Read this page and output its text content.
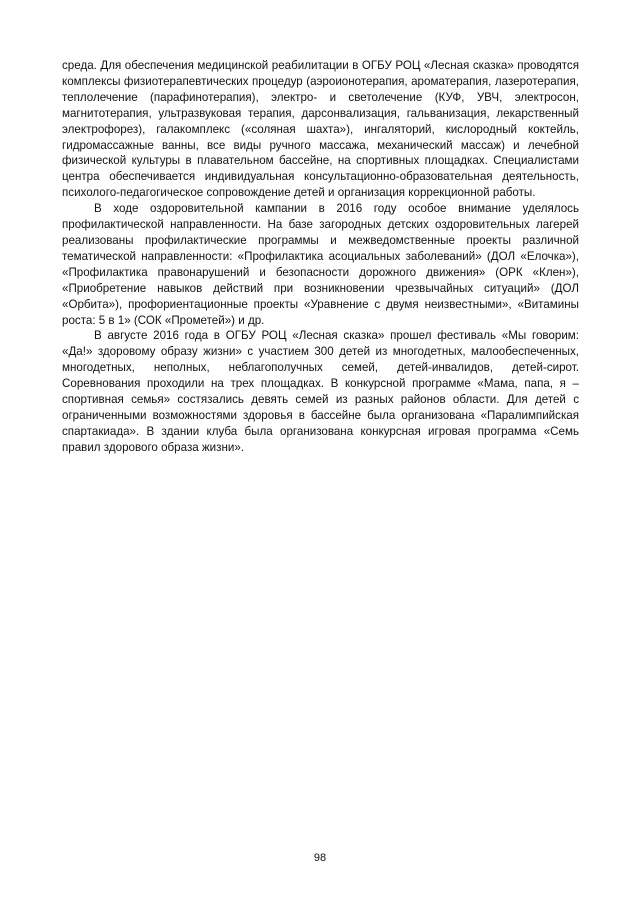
среда. Для обеспечения медицинской реабилитации в ОГБУ РОЦ «Лесная сказка» проводятся комплексы физиотерапевтических процедур (аэроионотерапия, ароматерапия, лазеротерапия, теплолечение (парафинотерапия), электро- и светолечение (КУФ, УВЧ, электросон, магнитотерапия, ультразвуковая терапия, дарсонвализация, гальванизация, лекарственный электрофорез), галакомплекс («соляная шахта»), ингаляторий, кислородный коктейль, гидромассажные ванны, все виды ручного массажа, механический массаж) и лечебной физической культуры в плавательном бассейне, на спортивных площадках. Специалистами центра обеспечивается индивидуальная консультационно-образовательная деятельность, психолого-педагогическое сопровождение детей и организация коррекционной работы.

В ходе оздоровительной кампании в 2016 году особое внимание уделялось профилактической направленности. На базе загородных детских оздоровительных лагерей реализованы профилактические программы и межведомственные проекты различной тематической направленности: «Профилактика асоциальных заболеваний» (ДОЛ «Елочка»), «Профилактика правонарушений и безопасности дорожного движения» (ОРК «Клен»), «Приобретение навыков действий при возникновении чрезвычайных ситуаций» (ДОЛ «Орбита»), профориентационные проекты «Уравнение с двумя неизвестными», «Витамины роста: 5 в 1» (СОК «Прометей») и др.

В августе 2016 года в ОГБУ РОЦ «Лесная сказка» прошел фестиваль «Мы говорим: «Да!» здоровому образу жизни» с участием 300 детей из многодетных, малообеспеченных, многодетных, неполных, неблагополучных семей, детей-инвалидов, детей-сирот. Соревнования проходили на трех площадках. В конкурсной программе «Мама, папа, я – спортивная семья» состязались девять семей из разных районов области. Для детей с ограниченными возможностями здоровья в бассейне была организована «Паралимпийская спартакиада». В здании клуба была организована конкурсная игровая программа «Семь правил здорового образа жизни».

98
